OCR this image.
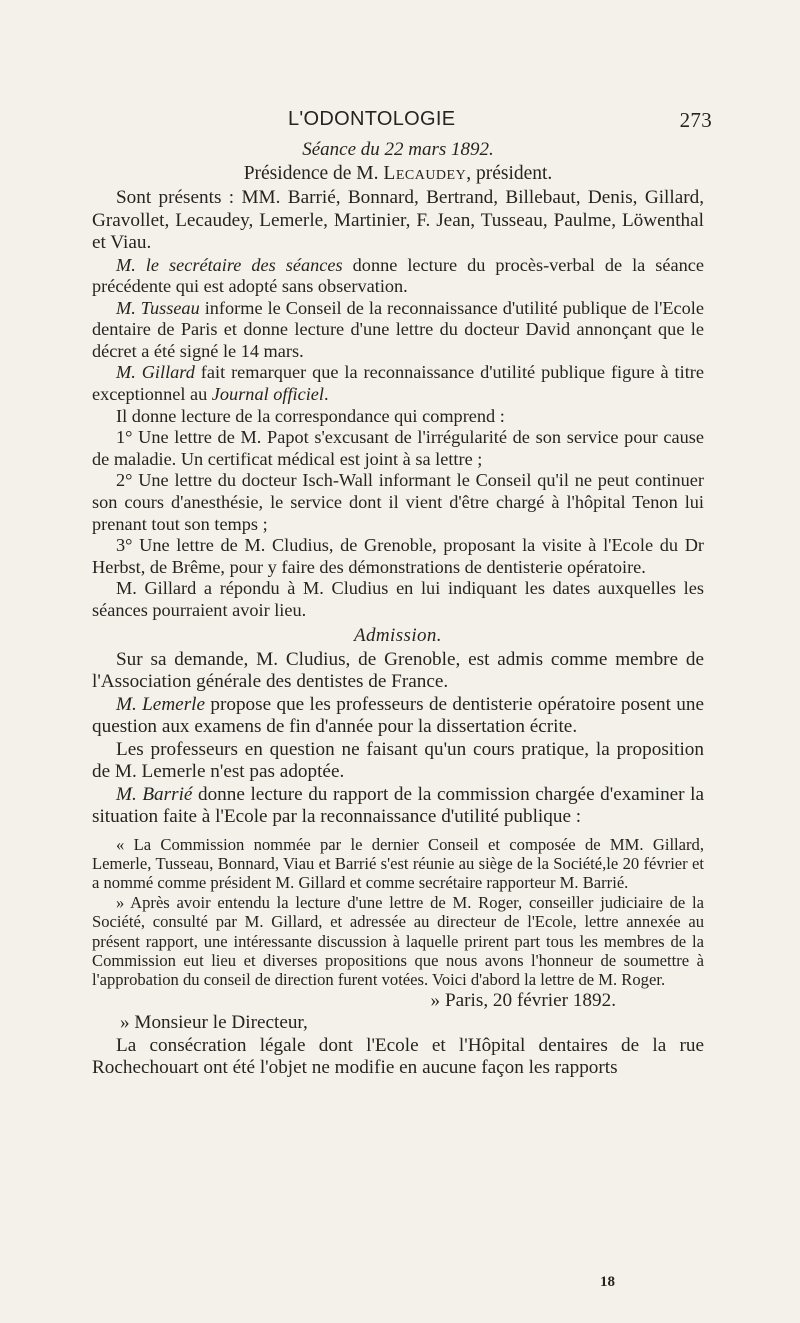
L'ODONTOLOGIE	273

Séance du 22 mars 1892.

Présidence de M. Lecaudey, président.

Sont présents : MM. Barrié, Bonnard, Bertrand, Billebaut, Denis, Gillard, Gravollet, Lecaudey, Lemerle, Martinier, F. Jean, Tusseau, Paulme, Löwenthal et Viau.

M. le secrétaire des séances donne lecture du procès-verbal de la séance précédente qui est adopté sans observation.

M. Tusseau informe le Conseil de la reconnaissance d'utilité publique de l'Ecole dentaire de Paris et donne lecture d'une lettre du docteur David annonçant que le décret a été signé le 14 mars.

M. Gillard fait remarquer que la reconnaissance d'utilité publique figure à titre exceptionnel au Journal officiel.

Il donne lecture de la correspondance qui comprend :

1° Une lettre de M. Papot s'excusant de l'irrégularité de son service pour cause de maladie. Un certificat médical est joint à sa lettre ;

2° Une lettre du docteur Isch-Wall informant le Conseil qu'il ne peut continuer son cours d'anesthésie, le service dont il vient d'être chargé à l'hôpital Tenon lui prenant tout son temps ;

3° Une lettre de M. Cludius, de Grenoble, proposant la visite à l'Ecole du Dr Herbst, de Brême, pour y faire des démonstrations de dentisterie opératoire.

M. Gillard a répondu à M. Cludius en lui indiquant les dates auxquelles les séances pourraient avoir lieu.

Admission.

Sur sa demande, M. Cludius, de Grenoble, est admis comme membre de l'Association générale des dentistes de France.

M. Lemerle propose que les professeurs de dentisterie opératoire posent une question aux examens de fin d'année pour la dissertation écrite.

Les professeurs en question ne faisant qu'un cours pratique, la proposition de M. Lemerle n'est pas adoptée.

M. Barrié donne lecture du rapport de la commission chargée d'examiner la situation faite à l'Ecole par la reconnaissance d'utilité publique :

« La Commission nommée par le dernier Conseil et composée de MM. Gillard, Lemerle, Tusseau, Bonnard, Viau et Barrié s'est réunie au siège de la Société,le 20 février et a nommé comme président M. Gillard et comme secrétaire rapporteur M. Barrié.

» Après avoir entendu la lecture d'une lettre de M. Roger, conseiller judiciaire de la Société, consulté par M. Gillard, et adressée au directeur de l'Ecole, lettre annexée au présent rapport, une intéressante discussion à laquelle prirent part tous les membres de la Commission eut lieu et diverses propositions que nous avons l'honneur de soumettre à l'approbation du conseil de direction furent votées. Voici d'abord la lettre de M. Roger.

» Paris, 20 février 1892.

» Monsieur le Directeur,

La consécration légale dont l'Ecole et l'Hôpital dentaires de la rue Rochechouart ont été l'objet ne modifie en aucune façon les rapports

18
